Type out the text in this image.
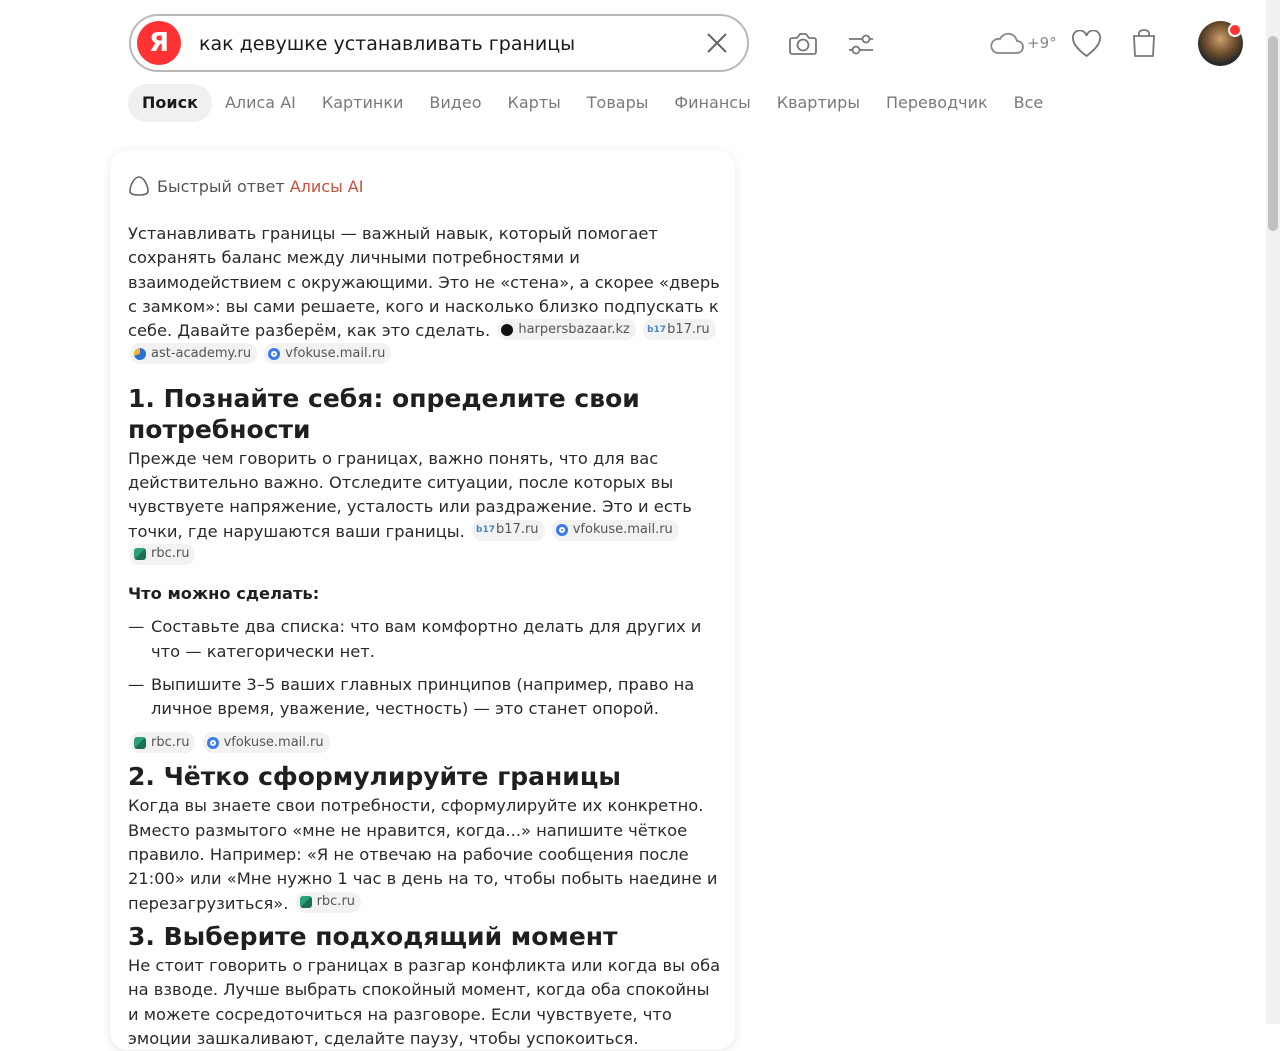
Я
как девушке устанавливать границы	+9°
Поиск	Алиса AI	Картинки	Видео	Карты	Товары	Финансы	Квартиры	Переводчик	Все
Быстрый ответ Алисы AI

Устанавливать границы — важный навык, который помогает сохранять баланс между личными потребностями и взаимодействием с окружающими. Это не «стена», а скорее «дверь с замком»: вы сами решаете, кого и насколько близко подпускать к себе. Давайте разберём, как это сделать. harpersbazaar.kz
b17 b17.ru

ast-academy.ru
	vfokuse.mail.ru

1. Познайте себя: определите свои потребности

Прежде чем говорить о границах, важно понять, что для вас действительно важно. Отследите ситуации, после которых вы чувствуете напряжение, усталость или раздражение. Это и есть точки, где нарушаются ваши границы. b17 b17.ru
	vfokuse.mail.ru

rbc.ru

Что можно сделать:
— Составьте два списка: что вам комфортно делать для других и что — категорически нет.
— Выпишите 3–5 ваших главных принципов (например, право на личное время, уважение, честность) — это станет опорой.
rbc.ru
	vfokuse.mail.ru
2. Чётко сформулируйте границы

Когда вы знаете свои потребности, сформулируйте их конкретно. Вместо размытого «мне не нравится, когда...» напишите чёткое правило. Например: «Я не отвечаю на рабочие сообщения после 21:00» или «Мне нужно 1 час в день на то, чтобы побыть наедине и перезагрузиться». rbc.ru

3. Выберите подходящий момент

Не стоит говорить о границах в разгар конфликта или когда вы оба на взводе. Лучше выбрать спокойный момент, когда оба спокойны и можете сосредоточиться на разговоре. Если чувствуете, что эмоции зашкаливают, сделайте паузу, чтобы успокоиться.
